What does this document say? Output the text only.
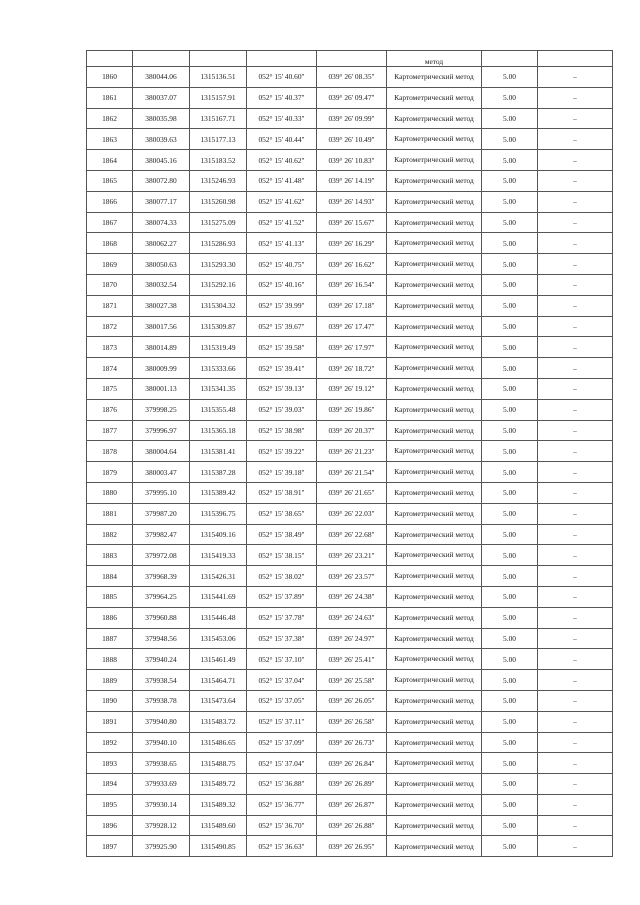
					метод		
1860	380044.06	1315136.51	052° 15' 40.60"	039° 26' 08.35"	Картометрический метод	5.00	–
1861	380037.07	1315157.91	052° 15' 40.37"	039° 26' 09.47"	Картометрический метод	5.00	–
1862	380035.98	1315167.71	052° 15' 40.33"	039° 26' 09.99"	Картометрический метод	5.00	–
1863	380039.63	1315177.13	052° 15' 40.44"	039° 26' 10.49"	Картометрический метод	5.00	–
1864	380045.16	1315183.52	052° 15' 40.62"	039° 26' 10.83"	Картометрический метод	5.00	–
1865	380072.80	1315246.93	052° 15' 41.48"	039° 26' 14.19"	Картометрический метод	5.00	–
1866	380077.17	1315260.98	052° 15' 41.62"	039° 26' 14.93"	Картометрический метод	5.00	–
1867	380074.33	1315275.09	052° 15' 41.52"	039° 26' 15.67"	Картометрический метод	5.00	–
1868	380062.27	1315286.93	052° 15' 41.13"	039° 26' 16.29"	Картометрический метод	5.00	–
1869	380050.63	1315293.30	052° 15' 40.75"	039° 26' 16.62"	Картометрический метод	5.00	–
1870	380032.54	1315292.16	052° 15' 40.16"	039° 26' 16.54"	Картометрический метод	5.00	–
1871	380027.38	1315304.32	052° 15' 39.99"	039° 26' 17.18"	Картометрический метод	5.00	–
1872	380017.56	1315309.87	052° 15' 39.67"	039° 26' 17.47"	Картометрический метод	5.00	–
1873	380014.89	1315319.49	052° 15' 39.58"	039° 26' 17.97"	Картометрический метод	5.00	–
1874	380009.99	1315333.66	052° 15' 39.41"	039° 26' 18.72"	Картометрический метод	5.00	–
1875	380001.13	1315341.35	052° 15' 39.13"	039° 26' 19.12"	Картометрический метод	5.00	–
1876	379998.25	1315355.48	052° 15' 39.03"	039° 26' 19.86"	Картометрический метод	5.00	–
1877	379996.97	1315365.18	052° 15' 38.98"	039° 26' 20.37"	Картометрический метод	5.00	–
1878	380004.64	1315381.41	052° 15' 39.22"	039° 26' 21.23"	Картометрический метод	5.00	–
1879	380003.47	1315387.28	052° 15' 39.18"	039° 26' 21.54"	Картометрический метод	5.00	–
1880	379995.10	1315389.42	052° 15' 38.91"	039° 26' 21.65"	Картометрический метод	5.00	–
1881	379987.20	1315396.75	052° 15' 38.65"	039° 26' 22.03"	Картометрический метод	5.00	–
1882	379982.47	1315409.16	052° 15' 38.49"	039° 26' 22.68"	Картометрический метод	5.00	–
1883	379972.08	1315419.33	052° 15' 38.15"	039° 26' 23.21"	Картометрический метод	5.00	–
1884	379968.39	1315426.31	052° 15' 38.02"	039° 26' 23.57"	Картометрический метод	5.00	–
1885	379964.25	1315441.69	052° 15' 37.89"	039° 26' 24.38"	Картометрический метод	5.00	–
1886	379960.88	1315446.48	052° 15' 37.78"	039° 26' 24.63"	Картометрический метод	5.00	–
1887	379948.56	1315453.06	052° 15' 37.38"	039° 26' 24.97"	Картометрический метод	5.00	–
1888	379940.24	1315461.49	052° 15' 37.10"	039° 26' 25.41"	Картометрический метод	5.00	–
1889	379938.54	1315464.71	052° 15' 37.04"	039° 26' 25.58"	Картометрический метод	5.00	–
1890	379938.78	1315473.64	052° 15' 37.05"	039° 26' 26.05"	Картометрический метод	5.00	–
1891	379940.80	1315483.72	052° 15' 37.11"	039° 26' 26.58"	Картометрический метод	5.00	–
1892	379940.10	1315486.65	052° 15' 37.09"	039° 26' 26.73"	Картометрический метод	5.00	–
1893	379938.65	1315488.75	052° 15' 37.04"	039° 26' 26.84"	Картометрический метод	5.00	–
1894	379933.69	1315489.72	052° 15' 36.88"	039° 26' 26.89"	Картометрический метод	5.00	–
1895	379930.14	1315489.32	052° 15' 36.77"	039° 26' 26.87"	Картометрический метод	5.00	–
1896	379928.12	1315489.60	052° 15' 36.70"	039° 26' 26.88"	Картометрический метод	5.00	–
1897	379925.90	1315490.85	052° 15' 36.63"	039° 26' 26.95"	Картометрический метод	5.00	–
